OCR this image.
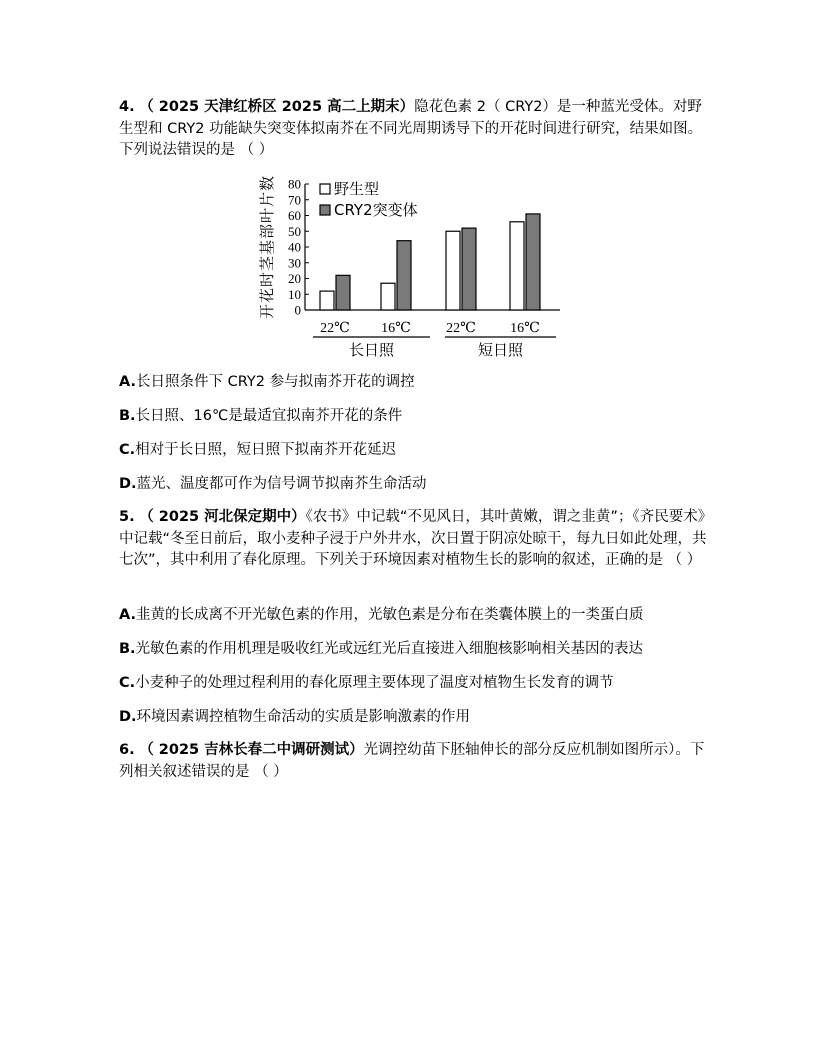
4. （ 2025 天津红桥区 2025 高二上期末）隐花色素 2（ CRY2）是一种蓝光受体。对野生型和 CRY2 功能缺失突变体拟南芥在不同光周期诱导下的开花时间进行研究，结果如图。下列说法错误的是 （ ）
0
10
20
30
40
50
60
70
80
开花时茎基部叶片数
22℃ 16℃	22℃ 16℃
长日照	短日照
野生型
CRY2突变体
A.长日照条件下 CRY2 参与拟南芥开花的调控
B.长日照、16℃是最适宜拟南芥开花的条件
C.相对于长日照，短日照下拟南芥开花延迟
D.蓝光、温度都可作为信号调节拟南芥生命活动
5. （ 2025 河北保定期中）《农书》中记载“不见风日，其叶黄嫩，谓之韭黄”；《齐民要术》中记载“冬至日前后，取小麦种子浸于户外井水，次日置于阴凉处晾干，每九日如此处理，共七次”，其中利用了春化原理。下列关于环境因素对植物生长的影响的叙述，正确的是 （ ）
A.韭黄的长成离不开光敏色素的作用，光敏色素是分布在类囊体膜上的一类蛋白质
B.光敏色素的作用机理是吸收红光或远红光后直接进入细胞核影响相关基因的表达
C.小麦种子的处理过程利用的春化原理主要体现了温度对植物生长发育的调节
D.环境因素调控植物生命活动的实质是影响激素的作用
6. （ 2025 吉林长春二中调研测试）光调控幼苗下胚轴伸长的部分反应机制如图所示）。下列相关叙述错误的是 （ ）
